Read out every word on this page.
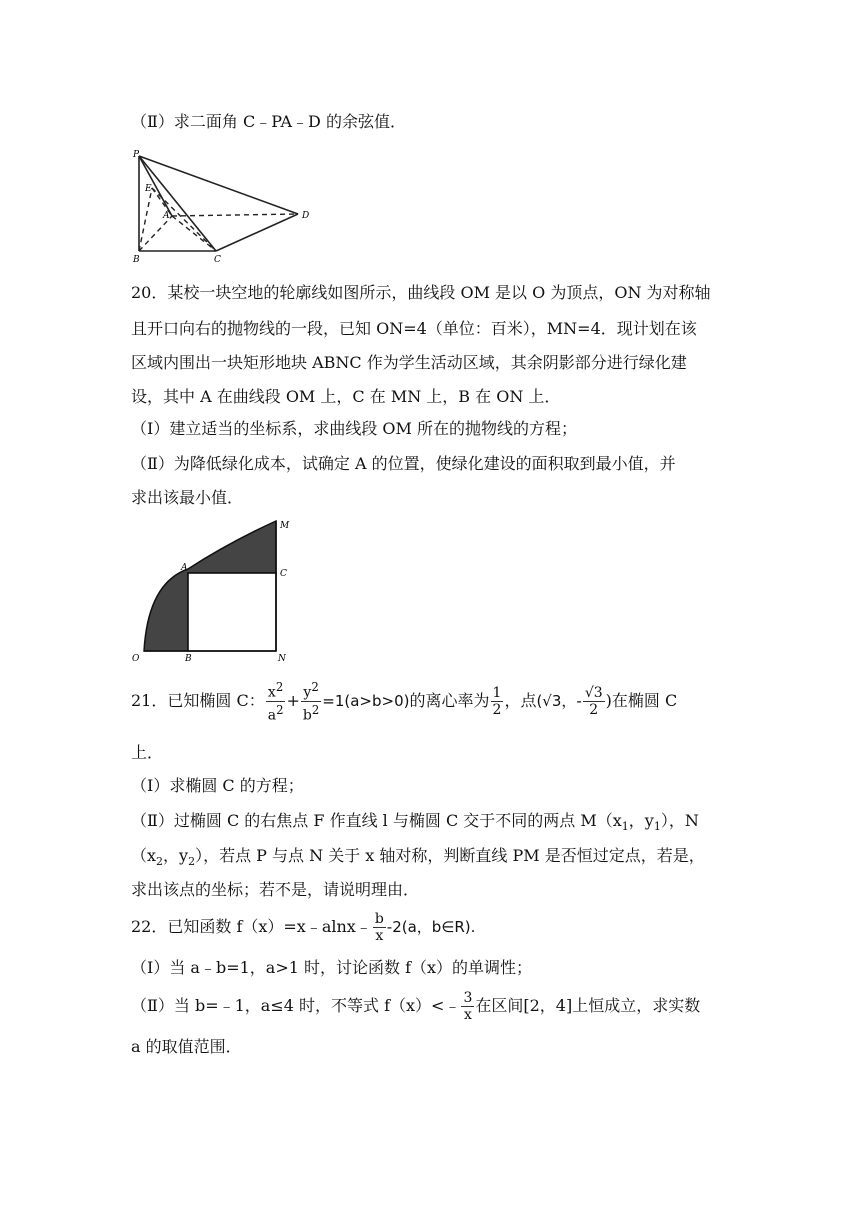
（Ⅱ）求二面角 C﹣PA﹣D 的余弦值．
P
E
A
B	C
D
20．某校一块空地的轮廓线如图所示，曲线段 OM 是以 O 为顶点，ON 为对称轴
且开口向右的抛物线的一段，已知 ON=4（单位：百米），MN=4．现计划在该
区域内围出一块矩形地块 ABNC 作为学生活动区域，其余阴影部分进行绿化建
设，其中 A 在曲线段 OM 上，C 在 MN 上，B 在 ON 上．
（Ⅰ）建立适当的坐标系，求曲线段 OM 所在的抛物线的方程；
（Ⅱ）为降低绿化成本，试确定 A 的位置，使绿化建设的面积取到最小值，并
求出该最小值．
M
A
C
O	B	N
21．已知椭圆 C： $\frac{x^2}{a^2} + \frac{y^2}{b^2} =1(a>b>0)$的离心率为 $\frac{1}{2}$ ，点(√3，- $\frac{√3}{2}$ )在椭圆 C
上．
（Ⅰ）求椭圆 C 的方程；
（Ⅱ）过椭圆 C 的右焦点 F 作直线 l 与椭圆 C 交于不同的两点 $M(x_1$，$y_1$），N
（$x_2$，$y_2$），若点 P 与点 N 关于 x 轴对称，判断直线 PM 是否恒过定点，若是，
求出该点的坐标；若不是，请说明理由．
22．已知函数 f（x）=x﹣alnx﹣ $\frac{b}{x} -2(a$，b∈R).
（Ⅰ）当 a﹣b=1，a>1 时，讨论函数 f（x）的单调性；
（Ⅱ）当 b=﹣1，a≤4 时，不等式 f（x）<﹣ $\frac{3}{x}$ 在区间[2，4]上恒成立，求实数
a 的取值范围．
